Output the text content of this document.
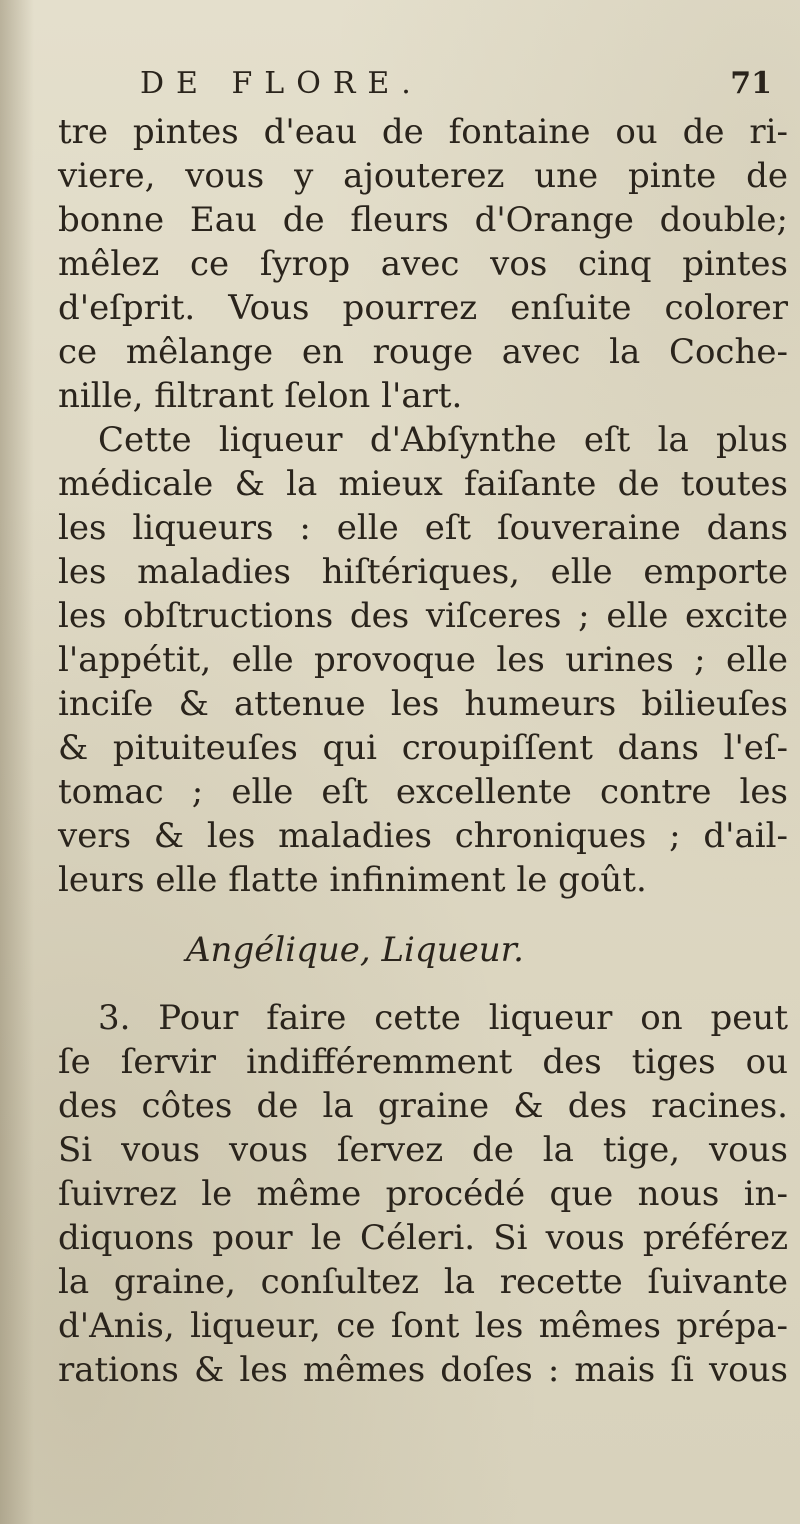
DE FLORE.	71
tre pintes d'eau de fontaine ou de ri-
viere, vous y ajouterez une pinte de
bonne Eau de fleurs d'Orange double;
mêlez ce ſyrop avec vos cinq pintes
d'eſprit. Vous pourrez enſuite colorer
ce mêlange en rouge avec la Coche-
nille, filtrant ſelon l'art.
Cette liqueur d'Abſynthe eſt la plus
médicale & la mieux faiſante de toutes
les liqueurs : elle eſt ſouveraine dans
les maladies hiſtériques, elle emporte
les obſtructions des viſceres ; elle excite
l'appétit, elle provoque les urines ; elle
inciſe & attenue les humeurs bilieuſes
& pituiteuſes qui croupiſſent dans l'eſ-
tomac ; elle eſt excellente contre les
vers & les maladies chroniques ; d'ail-
leurs elle flatte infiniment le goût.
Angélique, Liqueur.
3. Pour faire cette liqueur on peut
ſe ſervir indifféremment des tiges ou
des côtes de la graine & des racines.
Si vous vous ſervez de la tige, vous
ſuivrez le même procédé que nous in-
diquons pour le Céleri. Si vous préférez
la graine, conſultez la recette ſuivante
d'Anis, liqueur, ce ſont les mêmes prépa-
rations & les mêmes doſes : mais ſi vous
